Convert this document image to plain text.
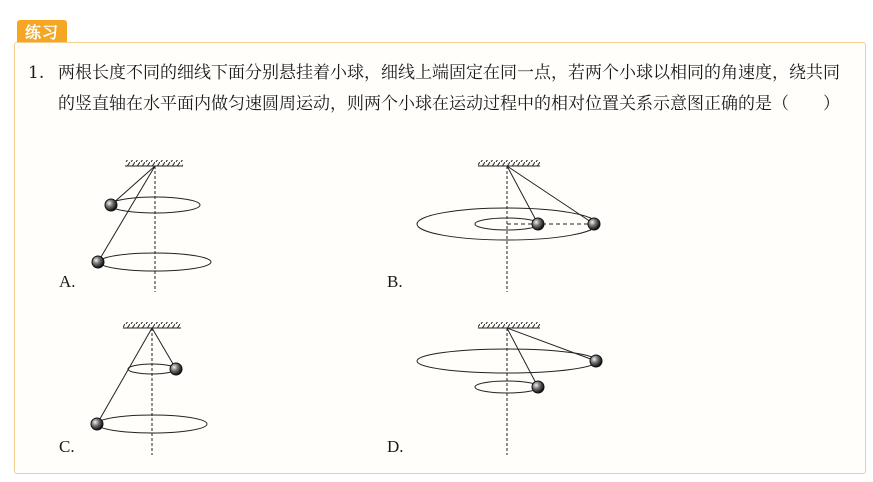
练习
1. 两根长度不同的细线下面分别悬挂着小球，细线上端固定在同一点，若两个小球以相同的角速度，绕共同的竖直轴在水平面内做匀速圆周运动，则两个小球在运动过程中的相对位置关系示意图正确的是（　　）
A.	B.
C.	D.
